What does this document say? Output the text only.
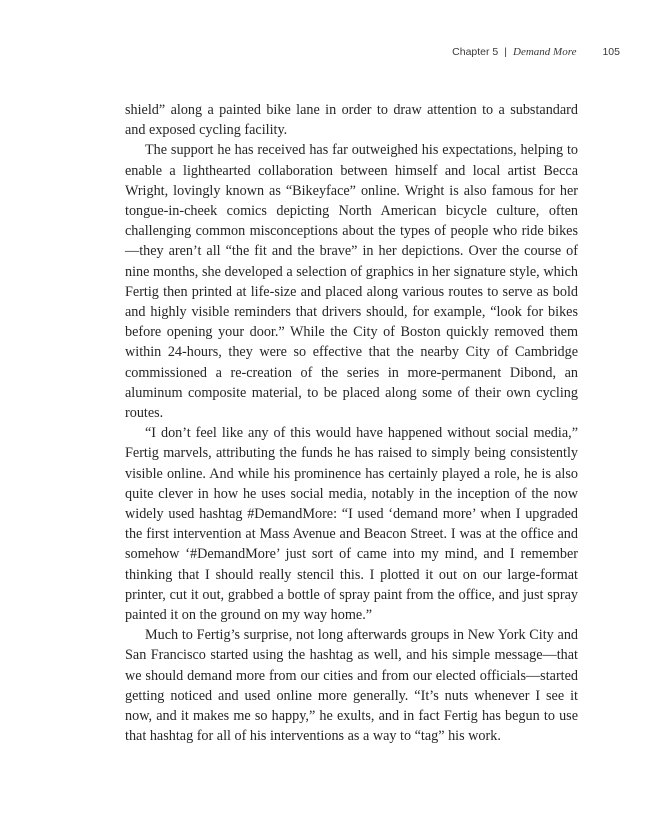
Chapter 5 | Demand More 105

shield” along a painted bike lane in order to draw attention to a substandard and exposed cycling facility.

The support he has received has far outweighed his expectations, helping to enable a lighthearted collaboration between himself and local artist Becca Wright, lovingly known as “Bikeyface” online. Wright is also famous for her tongue-in-cheek comics depicting North American bicycle culture, often challenging common misconceptions about the types of people who ride bikes—they aren’t all “the fit and the brave” in her depictions. Over the course of nine months, she developed a selection of graphics in her signature style, which Fertig then printed at life-size and placed along various routes to serve as bold and highly visible reminders that drivers should, for example, “look for bikes before opening your door.” While the City of Boston quickly removed them within 24-hours, they were so effective that the nearby City of Cambridge commissioned a re-creation of the series in more-permanent Dibond, an aluminum composite material, to be placed along some of their own cycling routes.

“I don’t feel like any of this would have happened without social media,” Fertig marvels, attributing the funds he has raised to simply being consistently visible online. And while his prominence has certainly played a role, he is also quite clever in how he uses social media, notably in the inception of the now widely used hashtag #DemandMore: “I used ‘demand more’ when I upgraded the first intervention at Mass Avenue and Beacon Street. I was at the office and somehow ‘#DemandMore’ just sort of came into my mind, and I remember thinking that I should really stencil this. I plotted it out on our large-format printer, cut it out, grabbed a bottle of spray paint from the office, and just spray painted it on the ground on my way home.”

Much to Fertig’s surprise, not long afterwards groups in New York City and San Francisco started using the hashtag as well, and his simple message—that we should demand more from our cities and from our elected officials—started getting noticed and used online more generally. “It’s nuts whenever I see it now, and it makes me so happy,” he exults, and in fact Fertig has begun to use that hashtag for all of his interventions as a way to “tag” his work.
